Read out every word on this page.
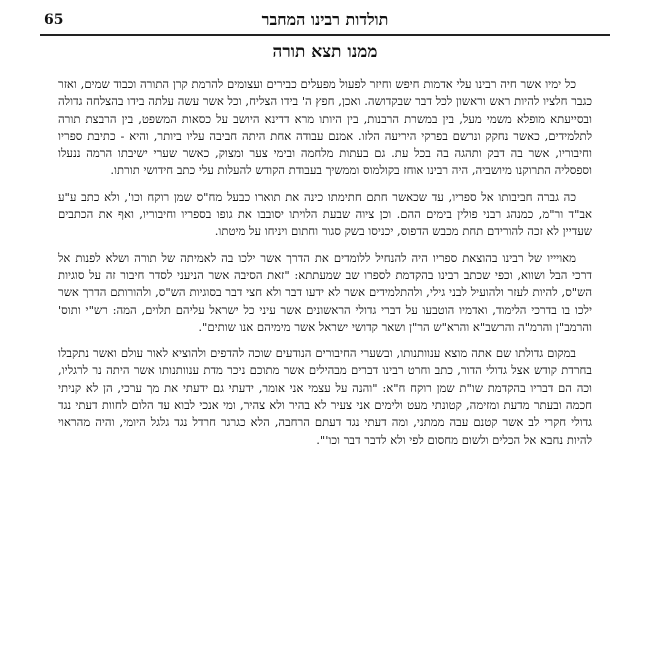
65	תולדות רבינו המחבר
ממנו תצא תורה

כל ימיו אשר חיה רבינו עלי אדמות חיפש וחיזר לפעול מפעלים כבירים ועצומים להרמת קרן התורה וכבוד שמים, ואזר כגבר חלציו להיות ראש וראשון לכל דבר שבקדושה. ואכן, חפץ ה' בידו הצליח, וכל אשר עשה עלתה בידו בהצלחה גדולה ובסייעתא מופלא משמי מעל, בין במשרת הרבנות, בין היותו מרא דדינא היושב על כסאות המשפט, בין הרבצת תורה לתלמידים, כאשר נחקק ונרשם בפרקי היריעה הלזו. אמנם עבודה אחת היתה חביבה עליו ביותר, והיא - כתיבת ספריו וחיבוריו, אשר בה דבק ותהגה בה בכל עת. גם בעתות מלחמה ובימי צער ומצוק, כאשר שערי ישיבתו הרמה ננעלו וספסליה התרוקנו מיושביה, היה רבינו אוחז בקולמוס וממשיך בעבודת הקודש להעלות עלי כתב חידושי תורתו.

כה גברה חביבותו אל ספריו, עד שכאשר חתם חתימתו כינה את תוארו כבעל מח"ס שמן רוקח וכו', ולא כתב ע"ע אב"ד ור"מ, כמנהג רבני פולין בימים ההם. וכן ציוה שבעת הלויתו יסובבו את גופו בספריו וחיבוריו, ואף את הכתבים שעדיין לא זכה להורידם תחת מכבש הדפוס, יכניסו בשק סגור וחתום ויניחו על מיטתו.

מאויייו של רבינו בהוצאת ספריו היה להנחיל ללומדים את הדרך אשר ילכו בה לאמיתה של תורה ושלא לפנות אל דרכי הבל ושווא, וכפי שכתב רבינו בהקדמת לספרו שב שמעתתא: "זאת הסיבה אשר הניעני לסדר חיבור זה על סוגיות הש"ס, להיות לעזר ולהועיל לבני גילי, ולהתלמידים אשר לא ידעו דבר ולא חצי דבר בסוגיות הש"ס, ולהורותם הדרך אשר ילכו בו בדרכי הלימוד, ואדמיו הוטבעו על דברי גדולי הראשונים אשר עיני כל ישראל עליהם תלוים, המה: רש"י ותוס' והרמב"ן והרמ"ה והרשב"א והרא"ש הר"ן ושאר קדושי ישראל אשר מימיהם אנו שותים".

במקום גדולתו שם אתה מוצא ענוותנותו, ובשערי החיבורים הנודעים שוכה להדפים ולהוציא לאור עולם ואשר נתקבלו בחרדת קודש אצל גדולי הדור, כתב וחרט רבינו דברים מבהילים אשר מתוכם ניכר מדת ענוותנותו אשר היתה נר לרגליו, וכה הם דבריו בהקדמת שו"ת שמן רוקח ח"א: "והנה על עצמי אני אומר, ידעתי גם ידעתי את מך ערכי, הן לא קניתי חכמה ובעתר מדעת ומזימה, קטונתי מעט ולימים אני צעיר לא בהיר ולא צהיר, ומי אנכי לבוא עד הלום לחוות דעתי נגד גדולי חקרי לב אשר קטנם עבה ממתני, ומה דעתי נגד דעתם הרחבה, הלא כגרגר חרדל נגד גלגל היומי, והיה מהראוי להיות נחבא אל הכלים ולשום מחסום לפי ולא לדבר דבר וכו'".
